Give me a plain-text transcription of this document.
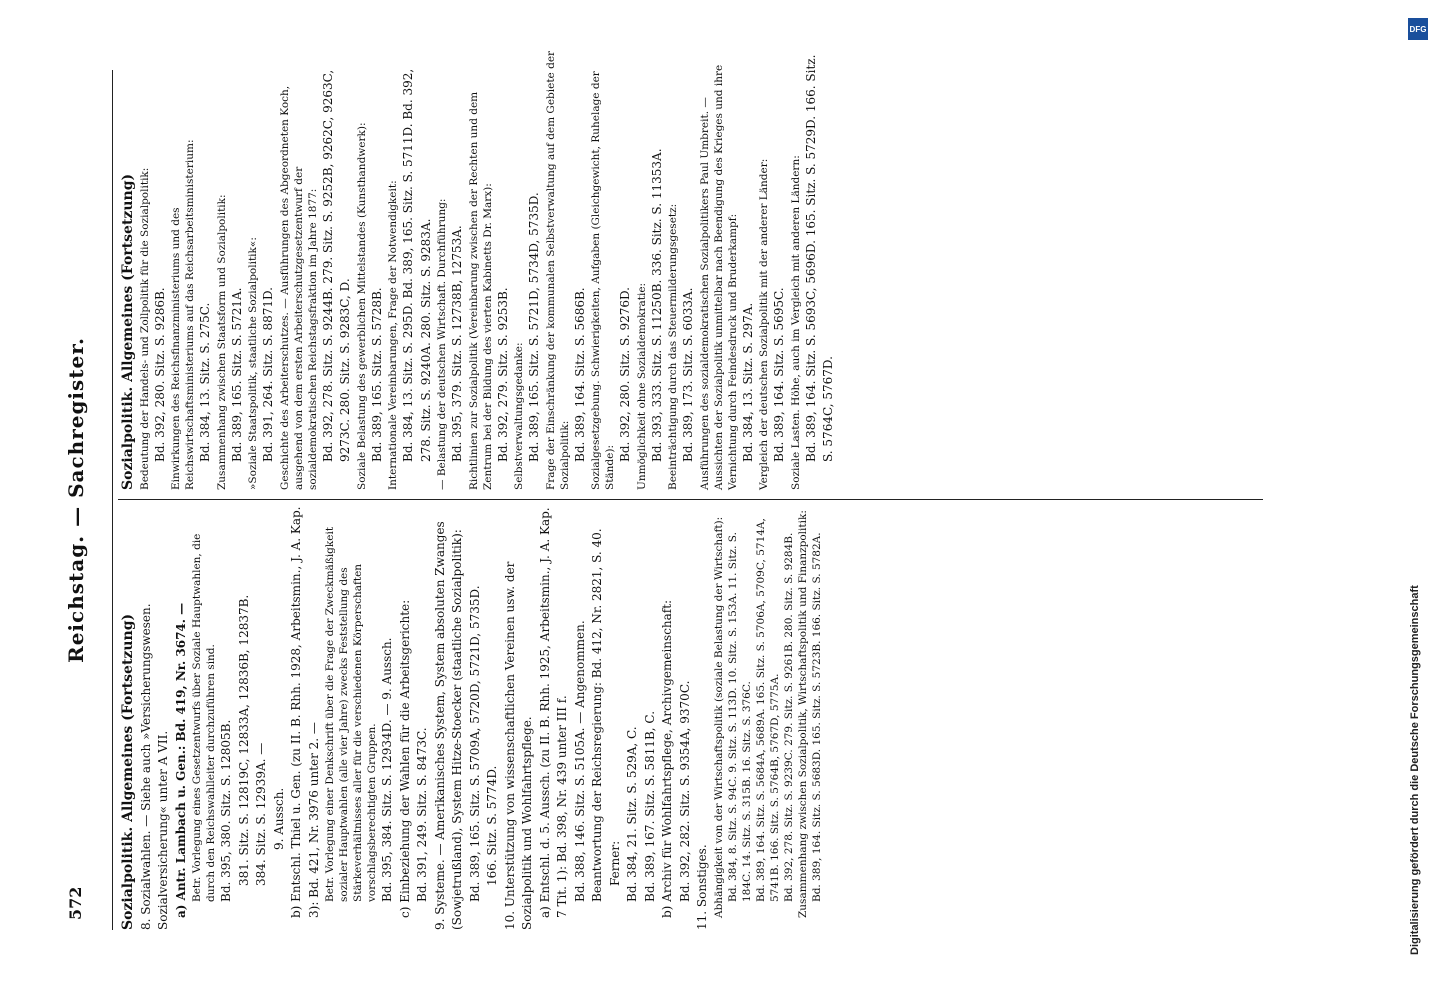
572
Reichstag. — Sachregister.

Sozialpolitik. Allgemeines (Fortsetzung) 8. Sozialwahlen. — Siehe auch »Versicherungswesen. Sozialversicherung« unter A VII. a) Antr. Lambach u. Gen.: Bd. 419, Nr. 3674. — Betr. Vorlegung eines Gesetzentwurfs über Soziale Hauptwahlen, die durch den Reichswahlleiter durchzuführen sind. Bd. 395, 380. Sitz. S. 12805B. 381. Sitz. S. 12819C, 12833A, 12836B, 12837B. 384. Sitz. S. 12939A. — 9. Aussch. b) Entschl. Thiel u. Gen. (zu II. B. Rhh. 1928, Arbeitsmin., J. A. Kap. 3): Bd. 421, Nr. 3976 unter 2. — Betr. Vorlegung einer Denkschrift über die Frage der Zweckmäßigkeit sozialer Hauptwahlen (alle vier Jahre) zwecks Feststellung des Stärkeverhältnisses aller für die verschiedenen Körperschaften vorschlagsberechtigten Gruppen. Bd. 395, 384. Sitz. S. 12934D. — 9. Aussch. c) Einbeziehung der Wahlen für die Arbeitsgerichte: Bd. 391, 249. Sitz. S. 8473C. 9. Systeme. — Amerikanisches System, System absoluten Zwanges (Sowjetrußland), System Hitze-Stoecker (staatliche Sozialpolitik): Bd. 389, 165. Sitz. S. 5709A, 5720D, 5721D, 5735D. 166. Sitz. S. 5774D. 10. Unterstützung von wissenschaftlichen Vereinen usw. der Sozialpolitik und Wohlfahrtspflege. a) Entschl. d. 5. Aussch. (zu II. B. Rhh. 1925, Arbeitsmin., J. A. Kap. 7 Tit. 1): Bd. 398, Nr. 439 unter III f. Bd. 388, 146. Sitz. S. 5105A. — Angenommen. Beantwortung der Reichsregierung: Bd. 412, Nr. 2821, S. 40. Ferner: Bd. 384, 21. Sitz. S. 529A, C. Bd. 389, 167. Sitz. S. 5811B, C. b) Archiv für Wohlfahrtspflege, Archivgemeinschaft: Bd. 392, 282. Sitz. S. 9354A, 9370C. 11. Sonstiges. Abhängigkeit von der Wirtschaftspolitik (soziale Belastung der Wirtschaft): Bd. 384, 8. Sitz. S. 94C. 9. Sitz. S. 113D. 10. Sitz. S. 153A. 11. Sitz. S. 184C. 14. Sitz. S. 315B. 16. Sitz. S. 376C. Bd. 389, 164. Sitz. S. 5684A, 5689A. 165. Sitz. S. 5706A, 5709C, 5714A, 5741B. 166. Sitz. S. 5764B, 5767D, 5775A. Bd. 392, 278. Sitz. S. 9239C. 279. Sitz. S. 9261B. 280. Sitz. S. 9284B. Zusammenhang zwischen Sozialpolitik, Wirtschaftspolitik und Finanzpolitik: Bd. 389, 164. Sitz. S. 5683D. 165. Sitz. S. 5723B. 166. Sitz. S. 5782A.

Sozialpolitik. Allgemeines (Fortsetzung) Bedeutung der Handels- und Zollpolitik für die Sozialpolitik: Bd. 392, 280. Sitz. S. 9286B. Einwirkungen des Reichsfinanzministeriums und des Reichswirtschaftsministeriums auf das Reichsarbeitsministerium: Bd. 384, 13. Sitz. S. 275C. Zusammenhang zwischen Staatsform und Sozialpolitik: Bd. 389, 165. Sitz. S. 5721A. »Soziale Staatspolitik, staatliche Sozialpolitik«: Bd. 391, 264. Sitz. S. 8871D. Geschichte des Arbeiterschutzes. — Ausführungen des Abgeordneten Koch, ausgehend von dem ersten Arbeiterschutzgesetzentwurf der sozialdemokratischen Reichstagsfraktion im Jahre 1877: Bd. 392, 278. Sitz. S. 9244B. 279. Sitz. S. 9252B, 9262C, 9263C, 9273C. 280. Sitz. S. 9283C, D. Soziale Belastung des gewerblichen Mittelstandes (Kunsthandwerk): Bd. 389, 165. Sitz. S. 5728B. Internationale Vereinbarungen, Frage der Notwendigkeit: Bd. 384, 13. Sitz. S. 295D. Bd. 389, 165. Sitz. S. 5711D. Bd. 392, 278. Sitz. S. 9240A. 280. Sitz. S. 9283A. — Belastung der deutschen Wirtschaft. Durchführung: Bd. 395, 379. Sitz. S. 12738B, 12753A. Richtlinien zur Sozialpolitik (Vereinbarung zwischen der Rechten und dem Zentrum bei der Bildung des vierten Kabinetts Dr. Marx): Bd. 392, 279. Sitz. S. 9253B. Selbstverwaltungsgedanke: Bd. 389, 165. Sitz. S. 5721D, 5734D, 5735D. Frage der Einschränkung der kommunalen Selbstverwaltung auf dem Gebiete der Sozialpolitik: Bd. 389, 164. Sitz. S. 5686B. Sozialgesetzgebung. Schwierigkeiten, Aufgaben (Gleichgewicht, Ruhelage der Stände):

Bd. 392, 280. Sitz. S. 9276D. Unmöglichkeit ohne Sozialdemokratie: Bd. 393, 333. Sitz. S. 11250B. 336. Sitz. S. 11353A. Beeinträchtigung durch das Steuermilderungsgesetz: Bd. 389, 173. Sitz. S. 6033A. Ausführungen des sozialdemokratischen Sozialpolitikers Paul Umbreit. — Aussichten der Sozialpolitik unmittelbar nach Beendigung des Krieges und ihre Vernichtung durch Feindesdruck und Bruderkampf: Bd. 384, 13. Sitz. S. 297A. Vergleich der deutschen Sozialpolitik mit der anderer Länder: Bd. 389, 164. Sitz. S. 5695C. Soziale Lasten. Höhe, auch im Vergleich mit anderen Ländern: Bd. 389, 164. Sitz. S. 5693C, 5696D. 165. Sitz. S. 5729D. 166. Sitz. S. 5764C, 5767D.

DFG
Digitalisierung gefördert durch die Deutsche Forschungsgemeinschaft
